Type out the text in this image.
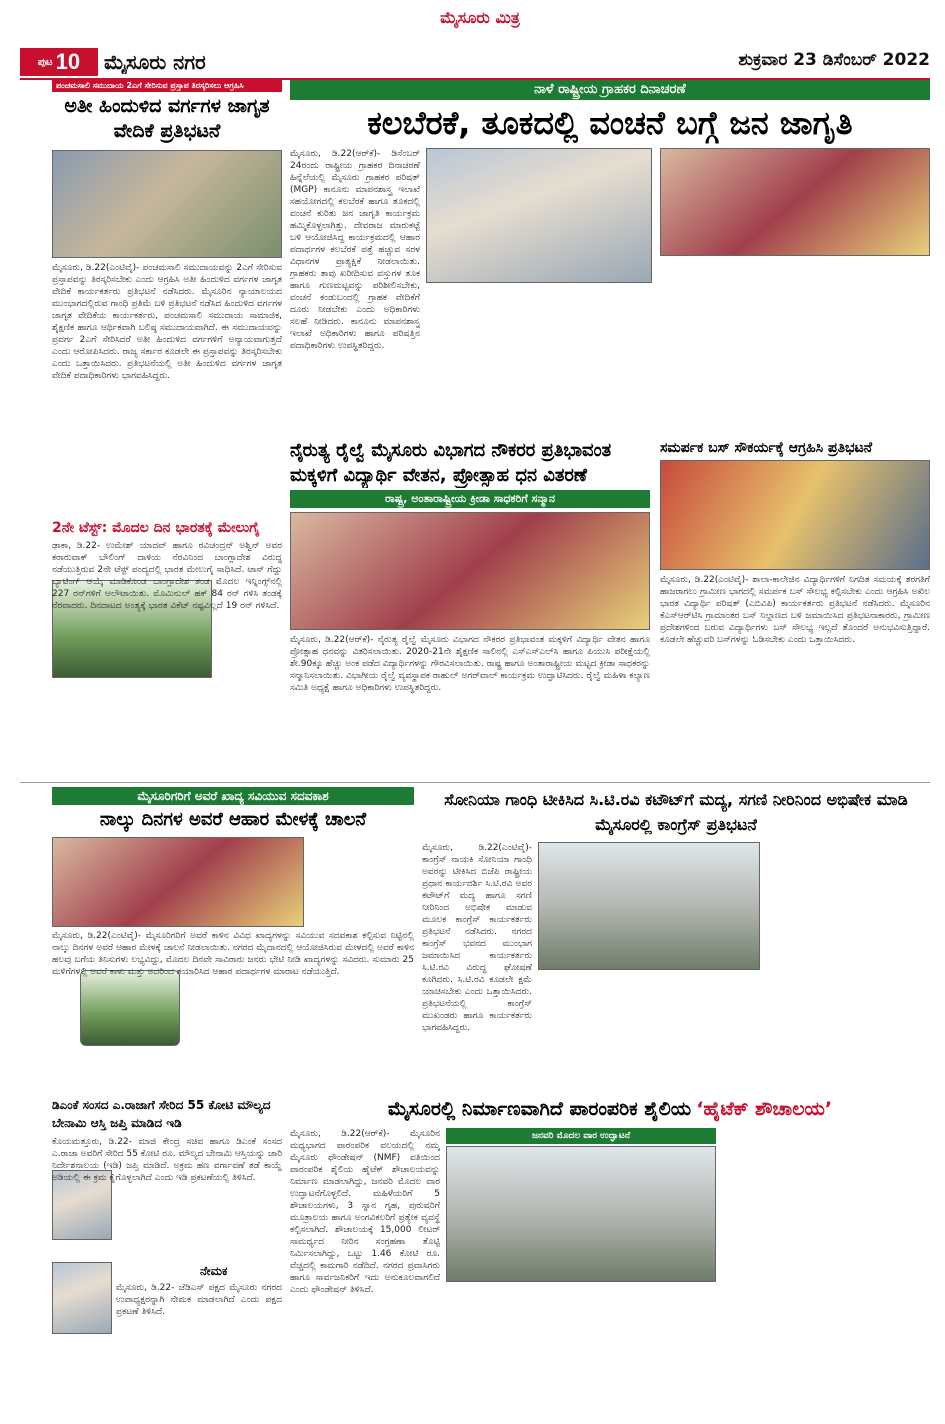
ಮೈಸೂರು ಮಿತ್ರ
ಪುಟ 10 ಮೈಸೂರು ನಗರ	ಶುಕ್ರವಾರ 23 ಡಿಸೆಂಬರ್ 2022
ಪಂಚಮಸಾಲಿ ಸಮುದಾಯ 2ಎಗೆ ಸೇರಿಸುವ ಪ್ರಸ್ತಾಪ ತಿರಸ್ಕರಿಸಲು ಆಗ್ರಹಿಸಿ
ಅತೀ ಹಿಂದುಳಿದ ವರ್ಗಗಳ ಜಾಗೃತ ವೇದಿಕೆ ಪ್ರತಿಭಟನೆ
ಮೈಸೂರು, ಡಿ.22(ಎಂಟಿವೈ)- ಪಂಚಮಸಾಲಿ ಸಮುದಾಯವನ್ನು 2ಎಗೆ ಸೇರಿಸುವ ಪ್ರಸ್ತಾಪವನ್ನು ತಿರಸ್ಕರಿಸಬೇಕು ಎಂದು ಆಗ್ರಹಿಸಿ ಅತೀ ಹಿಂದುಳಿದ ವರ್ಗಗಳ ಜಾಗೃತ ವೇದಿಕೆ ಕಾರ್ಯಕರ್ತರು ಪ್ರತಿಭಟನೆ ನಡೆಸಿದರು. ಮೈಸೂರಿನ ನ್ಯಾಯಾಲಯದ ಮುಂಭಾಗದಲ್ಲಿರುವ ಗಾಂಧಿ ಪ್ರತಿಮೆ ಬಳಿ ಪ್ರತಿಭಟನೆ ನಡೆಸಿದ ಹಿಂದುಳಿದ ವರ್ಗಗಳ ಜಾಗೃತ ವೇದಿಕೆಯ ಕಾರ್ಯಕರ್ತರು, ಪಂಚಮಸಾಲಿ ಸಮುದಾಯ ಸಾಮಾಜಿಕ, ಶೈಕ್ಷಣಿಕ ಹಾಗೂ ಆರ್ಥಿಕವಾಗಿ ಬಲಿಷ್ಠ ಸಮುದಾಯವಾಗಿದೆ. ಈ ಸಮುದಾಯವನ್ನು ಪ್ರವರ್ಗ 2ಎಗೆ ಸೇರಿಸಿದರೆ ಅತೀ ಹಿಂದುಳಿದ ವರ್ಗಗಳಿಗೆ ಅನ್ಯಾಯವಾಗುತ್ತದೆ ಎಂದು ಆರೋಪಿಸಿದರು. ರಾಜ್ಯ ಸರ್ಕಾರ ಕೂಡಲೇ ಈ ಪ್ರಸ್ತಾಪವನ್ನು ತಿರಸ್ಕರಿಸಬೇಕು ಎಂದು ಒತ್ತಾಯಿಸಿದರು. ಪ್ರತಿಭಟನೆಯಲ್ಲಿ ಅತೀ ಹಿಂದುಳಿದ ವರ್ಗಗಳ ಜಾಗೃತ ವೇದಿಕೆ ಪದಾಧಿಕಾರಿಗಳು ಭಾಗವಹಿಸಿದ್ದರು.
ನಾಳೆ ರಾಷ್ಟ್ರೀಯ ಗ್ರಾಹಕರ ದಿನಾಚರಣೆ
ಕಲಬೆರಕೆ, ತೂಕದಲ್ಲಿ ವಂಚನೆ ಬಗ್ಗೆ ಜನ ಜಾಗೃತಿ
ಮೈಸೂರು, ಡಿ.22(ಆರ್‌ಕೆ)- ಡಿಸೆಂಬರ್ 24ರಂದು ರಾಷ್ಟ್ರೀಯ ಗ್ರಾಹಕರ ದಿನಾಚರಣೆ ಹಿನ್ನೆಲೆಯಲ್ಲಿ ಮೈಸೂರು ಗ್ರಾಹಕರ ಪರಿಷತ್ (MGP) ಕಾನೂನು ಮಾಪನಶಾಸ್ತ್ರ ಇಲಾಖೆ ಸಹಯೋಗದಲ್ಲಿ ಕಲಬೆರಕೆ ಹಾಗೂ ತೂಕದಲ್ಲಿ ವಂಚನೆ ಕುರಿತು ಜನ ಜಾಗೃತಿ ಕಾರ್ಯಕ್ರಮ ಹಮ್ಮಿಕೊಳ್ಳಲಾಗಿತ್ತು. ದೇವರಾಜ ಮಾರುಕಟ್ಟೆ ಬಳಿ ಆಯೋಜಿಸಿದ್ದ ಕಾರ್ಯಕ್ರಮದಲ್ಲಿ ಆಹಾರ ಪದಾರ್ಥಗಳ ಕಲಬೆರಕೆ ಪತ್ತೆ ಹಚ್ಚುವ ಸರಳ ವಿಧಾನಗಳ ಪ್ರಾತ್ಯಕ್ಷಿಕೆ ನೀಡಲಾಯಿತು. ಗ್ರಾಹಕರು ತಾವು ಖರೀದಿಸುವ ವಸ್ತುಗಳ ತೂಕ ಹಾಗೂ ಗುಣಮಟ್ಟವನ್ನು ಪರಿಶೀಲಿಸಬೇಕು, ವಂಚನೆ ಕಂಡುಬಂದಲ್ಲಿ ಗ್ರಾಹಕ ವೇದಿಕೆಗೆ ದೂರು ನೀಡಬೇಕು ಎಂದು ಅಧಿಕಾರಿಗಳು ಸಲಹೆ ನೀಡಿದರು. ಕಾನೂನು ಮಾಪನಶಾಸ್ತ್ರ ಇಲಾಖೆ ಅಧಿಕಾರಿಗಳು ಹಾಗೂ ಪರಿಷತ್ತಿನ ಪದಾಧಿಕಾರಿಗಳು ಉಪಸ್ಥಿತರಿದ್ದರು.
2ನೇ ಟೆಸ್ಟ್: ಮೊದಲ ದಿನ ಭಾರತಕ್ಕೆ ಮೇಲುಗೈ
ಢಾಕಾ, ಡಿ.22- ಉಮೇಶ್ ಯಾದವ್ ಹಾಗೂ ರವಿಚಂದ್ರನ್ ಅಶ್ವಿನ್ ಅವರ ಕರಾರುವಾಕ್ ಬೌಲಿಂಗ್ ದಾಳಿಯ ನೆರವಿನಿಂದ ಬಾಂಗ್ಲಾದೇಶ ವಿರುದ್ಧ ನಡೆಯುತ್ತಿರುವ 2ನೇ ಟೆಸ್ಟ್ ಪಂದ್ಯದಲ್ಲಿ ಭಾರತ ಮೇಲುಗೈ ಸಾಧಿಸಿದೆ. ಟಾಸ್ ಗೆದ್ದು ಬ್ಯಾಟಿಂಗ್ ಆಯ್ಕೆ ಮಾಡಿಕೊಂಡ ಬಾಂಗ್ಲಾದೇಶ ತಂಡ ಮೊದಲ ಇನ್ನಿಂಗ್ಸ್‌ನಲ್ಲಿ 227 ರನ್‌ಗಳಿಗೆ ಆಲೌಟಾಯಿತು. ಮೊಮಿನುಲ್ ಹಕ್ 84 ರನ್ ಗಳಿಸಿ ತಂಡಕ್ಕೆ ನೆರವಾದರು. ದಿನದಾಟದ ಅಂತ್ಯಕ್ಕೆ ಭಾರತ ವಿಕೆಟ್ ನಷ್ಟವಿಲ್ಲದೆ 19 ರನ್ ಗಳಿಸಿದೆ.
ನೈರುತ್ಯ ರೈಲ್ವೆ ಮೈಸೂರು ವಿಭಾಗದ ನೌಕರರ ಪ್ರತಿಭಾವಂತ ಮಕ್ಕಳಿಗೆ ವಿದ್ಯಾರ್ಥಿ ವೇತನ, ಪ್ರೋತ್ಸಾಹ ಧನ ವಿತರಣೆ
ರಾಷ್ಟ್ರ, ಅಂತಾರಾಷ್ಟ್ರೀಯ ಕ್ರೀಡಾ ಸಾಧಕರಿಗೆ ಸನ್ಮಾನ
ಮೈಸೂರು, ಡಿ.22(ಆರ್‌ಕೆ)- ನೈರುತ್ಯ ರೈಲ್ವೆ ಮೈಸೂರು ವಿಭಾಗದ ನೌಕರರ ಪ್ರತಿಭಾವಂತ ಮಕ್ಕಳಿಗೆ ವಿದ್ಯಾರ್ಥಿ ವೇತನ ಹಾಗೂ ಪ್ರೋತ್ಸಾಹ ಧನವನ್ನು ವಿತರಿಸಲಾಯಿತು. 2020-21ನೇ ಶೈಕ್ಷಣಿಕ ಸಾಲಿನಲ್ಲಿ ಎಸ್ಎಸ್ಎಲ್‌ಸಿ ಹಾಗೂ ಪಿಯುಸಿ ಪರೀಕ್ಷೆಯಲ್ಲಿ ಶೇ.90ಕ್ಕೂ ಹೆಚ್ಚು ಅಂಕ ಪಡೆದ ವಿದ್ಯಾರ್ಥಿಗಳನ್ನು ಗೌರವಿಸಲಾಯಿತು. ರಾಷ್ಟ್ರ ಹಾಗೂ ಅಂತಾರಾಷ್ಟ್ರೀಯ ಮಟ್ಟದ ಕ್ರೀಡಾ ಸಾಧಕರನ್ನು ಸನ್ಮಾನಿಸಲಾಯಿತು. ವಿಭಾಗೀಯ ರೈಲ್ವೆ ವ್ಯವಸ್ಥಾಪಕ ರಾಹುಲ್ ಅಗರ್‌ವಾಲ್ ಕಾರ್ಯಕ್ರಮ ಉದ್ಘಾಟಿಸಿದರು. ರೈಲ್ವೆ ಮಹಿಳಾ ಕಲ್ಯಾಣ ಸಮಿತಿ ಅಧ್ಯಕ್ಷೆ ಹಾಗೂ ಅಧಿಕಾರಿಗಳು ಉಪಸ್ಥಿತರಿದ್ದರು.
ಸಮರ್ಪಕ ಬಸ್ ಸೌಕರ್ಯಕ್ಕೆ ಆಗ್ರಹಿಸಿ ಪ್ರತಿಭಟನೆ
ಮೈಸೂರು, ಡಿ.22(ಎಂಟಿವೈ)- ಶಾಲಾ-ಕಾಲೇಜಿನ ವಿದ್ಯಾರ್ಥಿಗಳಿಗೆ ನಿಗದಿತ ಸಮಯಕ್ಕೆ ತರಗತಿಗೆ ಹಾಜರಾಗಲು ಗ್ರಾಮೀಣ ಭಾಗದಲ್ಲಿ ಸಮರ್ಪಕ ಬಸ್ ಸೌಲಭ್ಯ ಕಲ್ಪಿಸಬೇಕು ಎಂದು ಆಗ್ರಹಿಸಿ ಅಖಿಲ ಭಾರತ ವಿದ್ಯಾರ್ಥಿ ಪರಿಷತ್ (ಎಬಿವಿಪಿ) ಕಾರ್ಯಕರ್ತರು ಪ್ರತಿಭಟನೆ ನಡೆಸಿದರು. ಮೈಸೂರಿನ ಕೆಎಸ್ಆರ್‌ಟಿಸಿ ಗ್ರಾಮಾಂತರ ಬಸ್ ನಿಲ್ದಾಣದ ಬಳಿ ಜಮಾಯಿಸಿದ ಪ್ರತಿಭಟನಾಕಾರರು, ಗ್ರಾಮೀಣ ಪ್ರದೇಶಗಳಿಂದ ಬರುವ ವಿದ್ಯಾರ್ಥಿಗಳು ಬಸ್ ಸೌಲಭ್ಯ ಇಲ್ಲದೆ ತೊಂದರೆ ಅನುಭವಿಸುತ್ತಿದ್ದಾರೆ. ಕೂಡಲೇ ಹೆಚ್ಚುವರಿ ಬಸ್‌ಗಳನ್ನು ಓಡಿಸಬೇಕು ಎಂದು ಒತ್ತಾಯಿಸಿದರು.
ಮೈಸೂರಿಗರಿಗೆ ಅವರೆ ಖಾದ್ಯ ಸವಿಯುವ ಸದವಕಾಶ
ನಾಲ್ಕು ದಿನಗಳ ಅವರೆ ಆಹಾರ ಮೇಳಕ್ಕೆ ಚಾಲನೆ
ಮೈಸೂರು, ಡಿ.22(ಎಂಟಿವೈ)- ಮೈಸೂರಿಗರಿಗೆ ಅವರೆ ಕಾಳಿನ ವಿವಿಧ ಖಾದ್ಯಗಳನ್ನು ಸವಿಯುವ ಸದವಕಾಶ ಕಲ್ಪಿಸುವ ನಿಟ್ಟಿನಲ್ಲಿ ನಾಲ್ಕು ದಿನಗಳ ಅವರೆ ಆಹಾರ ಮೇಳಕ್ಕೆ ಚಾಲನೆ ನೀಡಲಾಯಿತು. ನಗರದ ಮೈದಾನದಲ್ಲಿ ಆಯೋಜಿಸಿರುವ ಮೇಳದಲ್ಲಿ ಅವರೆ ಕಾಳಿನ ಹಲವು ಬಗೆಯ ತಿನಿಸುಗಳು ಲಭ್ಯವಿದ್ದು, ಮೊದಲ ದಿನವೇ ಸಾವಿರಾರು ಜನರು ಭೇಟಿ ನೀಡಿ ಖಾದ್ಯಗಳನ್ನು ಸವಿದರು. ಸುಮಾರು 25 ಮಳಿಗೆಗಳಲ್ಲಿ ಅವರೆ ಕಾಳು ಮತ್ತು ಅದರಿಂದ ತಯಾರಿಸಿದ ಆಹಾರ ಪದಾರ್ಥಗಳ ಮಾರಾಟ ನಡೆಯುತ್ತಿದೆ.
ಡಿಎಂಕೆ ಸಂಸದ ಎ.ರಾಜಾಗೆ ಸೇರಿದ 55 ಕೋಟಿ ಮೌಲ್ಯದ ಬೇನಾಮಿ ಆಸ್ತಿ ಜಪ್ತಿ ಮಾಡಿದ ಇಡಿ
ಕೊಯಮತ್ತೂರು, ಡಿ.22- ಮಾಜಿ ಕೇಂದ್ರ ಸಚಿವ ಹಾಗೂ ಡಿಎಂಕೆ ಸಂಸದ ಎ.ರಾಜಾ ಅವರಿಗೆ ಸೇರಿದ 55 ಕೋಟಿ ರೂ. ಮೌಲ್ಯದ ಬೇನಾಮಿ ಆಸ್ತಿಯನ್ನು ಜಾರಿ ನಿರ್ದೇಶನಾಲಯ (ಇಡಿ) ಜಪ್ತಿ ಮಾಡಿದೆ. ಅಕ್ರಮ ಹಣ ವರ್ಗಾವಣೆ ತಡೆ ಕಾಯ್ದೆ ಅಡಿಯಲ್ಲಿ ಈ ಕ್ರಮ ಕೈಗೊಳ್ಳಲಾಗಿದೆ ಎಂದು ಇಡಿ ಪ್ರಕಟಣೆಯಲ್ಲಿ ತಿಳಿಸಿದೆ.
ನೇಮಕ
ಮೈಸೂರು, ಡಿ.22- ಜೆಡಿಎಸ್ ಪಕ್ಷದ ಮೈಸೂರು ನಗರದ ಉಪಾಧ್ಯಕ್ಷರನ್ನಾಗಿ ನೇಮಕ ಮಾಡಲಾಗಿದೆ ಎಂದು ಪಕ್ಷದ ಪ್ರಕಟಣೆ ತಿಳಿಸಿದೆ.
ಸೋನಿಯಾ ಗಾಂಧಿ ಟೀಕಿಸಿದ ಸಿ.ಟಿ.ರವಿ ಕಟೌಟ್‌ಗೆ ಮದ್ಯ, ಸಗಣಿ ನೀರಿನಿಂದ ಅಭಿಷೇಕ ಮಾಡಿ ಮೈಸೂರಲ್ಲಿ ಕಾಂಗ್ರೆಸ್ ಪ್ರತಿಭಟನೆ
ಮೈಸೂರು, ಡಿ.22(ಎಂಟಿವೈ)- ಕಾಂಗ್ರೆಸ್ ನಾಯಕಿ ಸೋನಿಯಾ ಗಾಂಧಿ ಅವರನ್ನು ಟೀಕಿಸಿದ ಬಿಜೆಪಿ ರಾಷ್ಟ್ರೀಯ ಪ್ರಧಾನ ಕಾರ್ಯದರ್ಶಿ ಸಿ.ಟಿ.ರವಿ ಅವರ ಕಟೌಟ್‌ಗೆ ಮದ್ಯ ಹಾಗೂ ಸಗಣಿ ನೀರಿನಿಂದ ಅಭಿಷೇಕ ಮಾಡುವ ಮೂಲಕ ಕಾಂಗ್ರೆಸ್ ಕಾರ್ಯಕರ್ತರು ಪ್ರತಿಭಟನೆ ನಡೆಸಿದರು. ನಗರದ ಕಾಂಗ್ರೆಸ್ ಭವನದ ಮುಂಭಾಗ ಜಮಾಯಿಸಿದ ಕಾರ್ಯಕರ್ತರು ಸಿ.ಟಿ.ರವಿ ವಿರುದ್ಧ ಘೋಷಣೆ ಕೂಗಿದರು. ಸಿ.ಟಿ.ರವಿ ಕೂಡಲೇ ಕ್ಷಮೆ ಯಾಚಿಸಬೇಕು ಎಂದು ಒತ್ತಾಯಿಸಿದರು. ಪ್ರತಿಭಟನೆಯಲ್ಲಿ ಕಾಂಗ್ರೆಸ್ ಮುಖಂಡರು ಹಾಗೂ ಕಾರ್ಯಕರ್ತರು ಭಾಗವಹಿಸಿದ್ದರು.
ಮೈಸೂರಲ್ಲಿ ನಿರ್ಮಾಣವಾಗಿದೆ ಪಾರಂಪರಿಕ ಶೈಲಿಯ ‘ಹೈಟೆಕ್ ಶೌಚಾಲಯ’
ಮೈಸೂರು, ಡಿ.22(ಆರ್‌ಕೆ)- ಮೈಸೂರಿನ ಮಧ್ಯಭಾಗದ ಪಾರಂಪರಿಕ ವಲಯದಲ್ಲಿ ನಮ್ಮ ಮೈಸೂರು ಫೌಂಡೇಷನ್ (NMF) ವತಿಯಿಂದ ಪಾರಂಪರಿಕ ಶೈಲಿಯ ಹೈಟೆಕ್ ಶೌಚಾಲಯವನ್ನು ನಿರ್ಮಾಣ ಮಾಡಲಾಗಿದ್ದು, ಜನವರಿ ಮೊದಲ ವಾರ ಉದ್ಘಾಟನೆಗೊಳ್ಳಲಿದೆ. ಮಹಿಳೆಯರಿಗೆ 5 ಶೌಚಾಲಯಗಳು, 3 ಸ್ನಾನ ಗೃಹ, ಪುರುಷರಿಗೆ ಮೂತ್ರಾಲಯ ಹಾಗೂ ಅಂಗವಿಕಲರಿಗೆ ಪ್ರತ್ಯೇಕ ವ್ಯವಸ್ಥೆ ಕಲ್ಪಿಸಲಾಗಿದೆ. ಶೌಚಾಲಯಕ್ಕೆ 15,000 ಲೀಟರ್ ಸಾಮರ್ಥ್ಯದ ನೀರಿನ ಸಂಗ್ರಹಣಾ ತೊಟ್ಟಿ ನಿರ್ಮಿಸಲಾಗಿದ್ದು, ಒಟ್ಟು 1.46 ಕೋಟಿ ರೂ. ವೆಚ್ಚದಲ್ಲಿ ಕಾಮಗಾರಿ ನಡೆದಿದೆ. ನಗರದ ಪ್ರವಾಸಿಗರು ಹಾಗೂ ಸಾರ್ವಜನಿಕರಿಗೆ ಇದು ಅನುಕೂಲವಾಗಲಿದೆ ಎಂದು ಫೌಂಡೇಷನ್ ತಿಳಿಸಿದೆ.
ಜನವರಿ ಮೊದಲ ವಾರ ಉದ್ಘಾಟನೆ
